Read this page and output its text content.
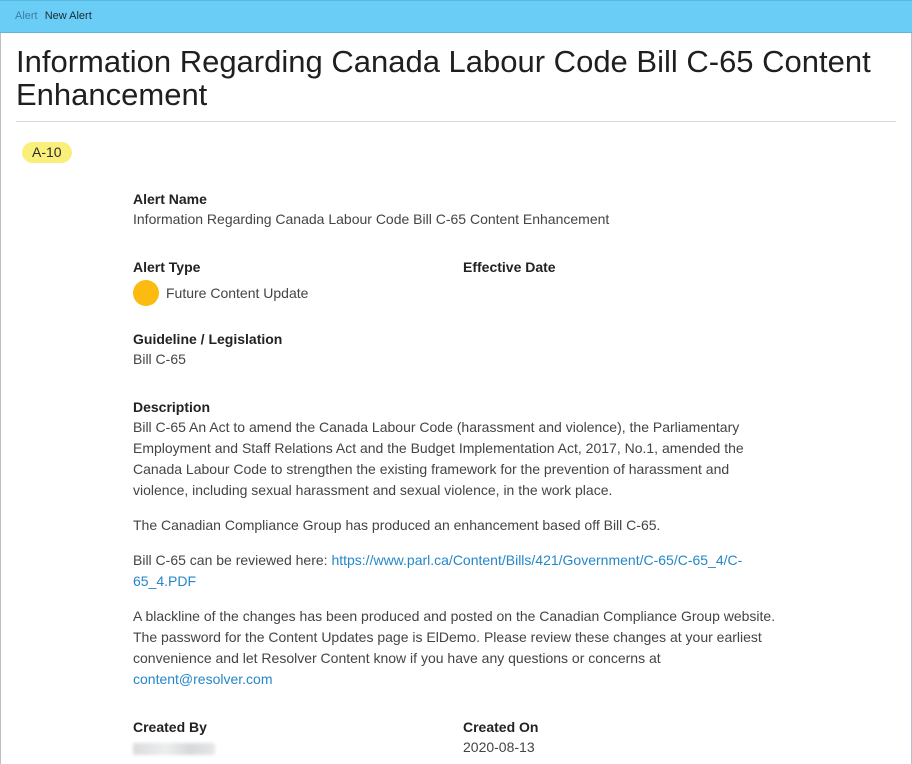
Alert New Alert
Information Regarding Canada Labour Code Bill C-65 Content Enhancement
A-10
Alert Name
Information Regarding Canada Labour Code Bill C-65 Content Enhancement
Alert Type
Future Content Update
Effective Date
Guideline / Legislation
Bill C-65
Description

Bill C-65 An Act to amend the Canada Labour Code (harassment and violence), the Parliamentary Employment and Staff Relations Act and the Budget Implementation Act, 2017, No.1, amended the Canada Labour Code to strengthen the existing framework for the prevention of harassment and violence, including sexual harassment and sexual violence, in the work place.

The Canadian Compliance Group has produced an enhancement based off Bill C-65.

Bill C-65 can be reviewed here: https://www.parl.ca/Content/Bills/421/Government/C-65/C-65_4/C-65_4.PDF

A blackline of the changes has been produced and posted on the Canadian Compliance Group website. The password for the Content Updates page is ElDemo. Please review these changes at your earliest convenience and let Resolver Content know if you have any questions or concerns at
content@resolver.com

Created By	Created On
2020-08-13
